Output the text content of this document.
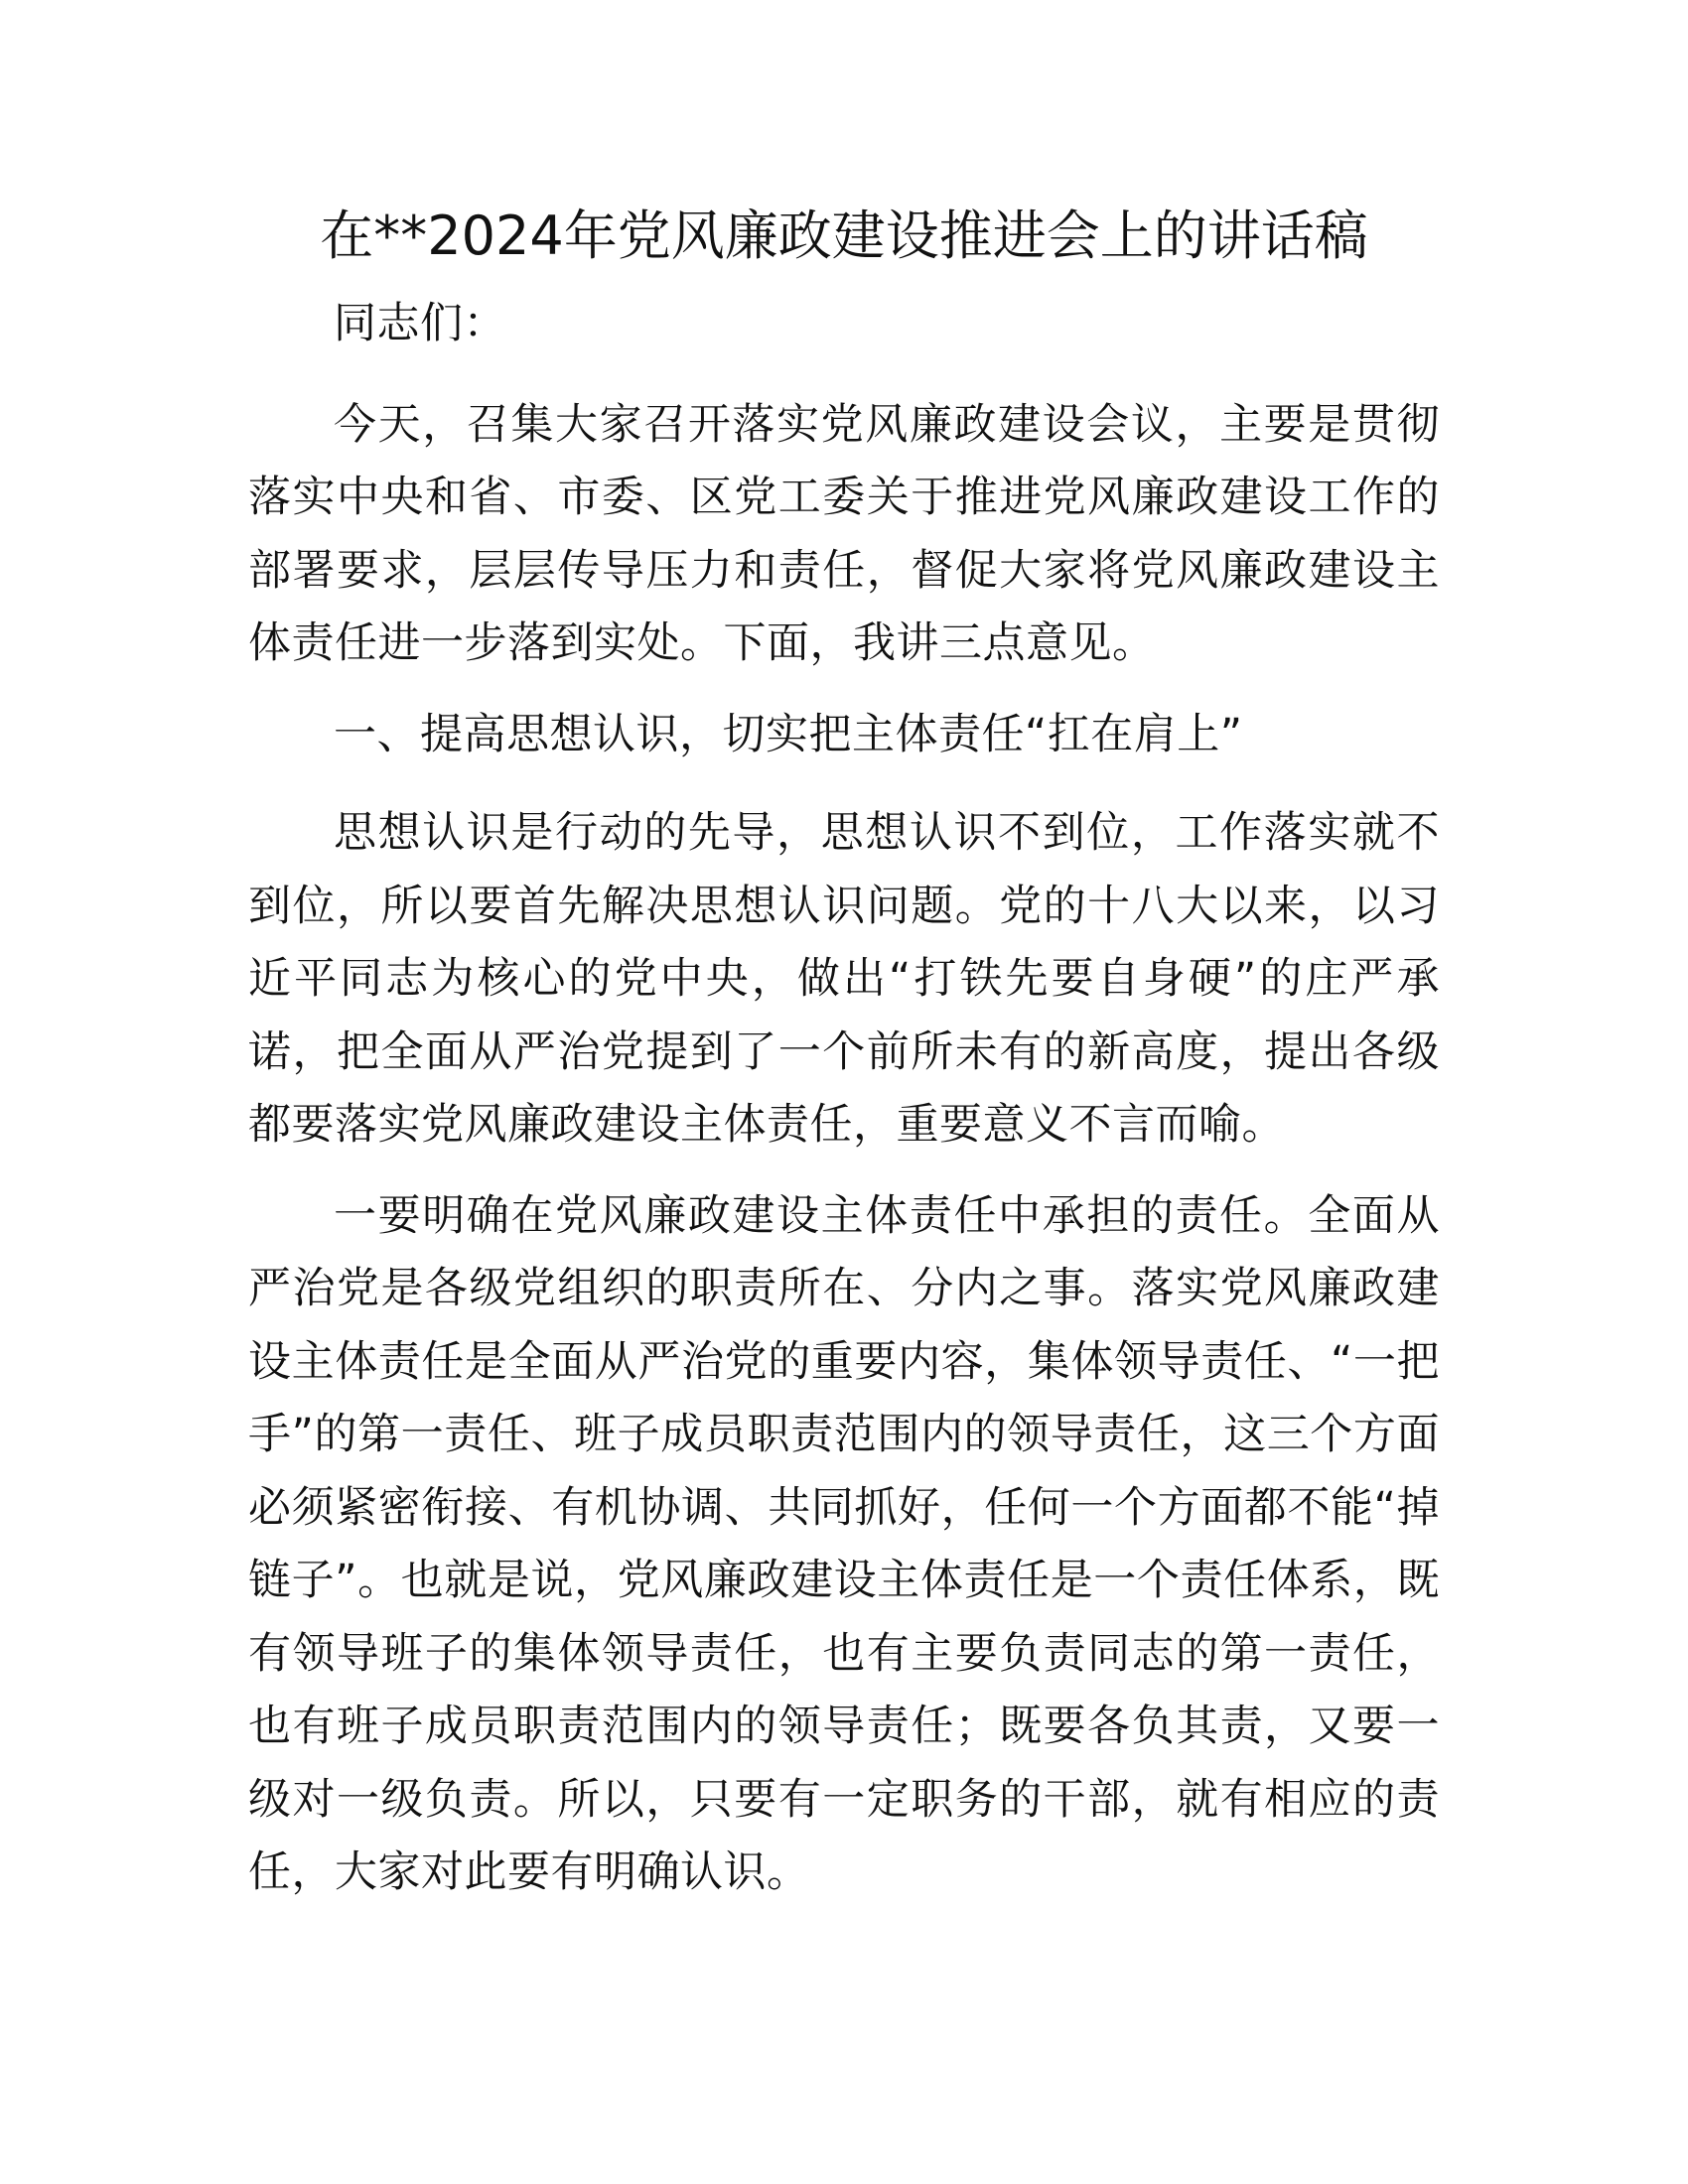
在**2024年党风廉政建设推进会上的讲话稿

同志们：

今天，召集大家召开落实党风廉政建设会议，主要是贯彻落实中央和省、市委、区党工委关于推进党风廉政建设工作的部署要求，层层传导压力和责任，督促大家将党风廉政建设主体责任进一步落到实处。下面，我讲三点意见。

一、提高思想认识，切实把主体责任“扛在肩上”

思想认识是行动的先导，思想认识不到位，工作落实就不到位，所以要首先解决思想认识问题。党的十八大以来，以习近平同志为核心的党中央，做出“打铁先要自身硬”的庄严承诺，把全面从严治党提到了一个前所未有的新高度，提出各级都要落实党风廉政建设主体责任，重要意义不言而喻。

一要明确在党风廉政建设主体责任中承担的责任。全面从严治党是各级党组织的职责所在、分内之事。落实党风廉政建设主体责任是全面从严治党的重要内容，集体领导责任、“一把手”的第一责任、班子成员职责范围内的领导责任，这三个方面必须紧密衔接、有机协调、共同抓好，任何一个方面都不能“掉链子”。也就是说，党风廉政建设主体责任是一个责任体系，既有领导班子的集体领导责任，也有主要负责同志的第一责任，也有班子成员职责范围内的领导责任；既要各负其责，又要一级对一级负责。所以，只要有一定职务的干部，就有相应的责任，大家对此要有明确认识。
